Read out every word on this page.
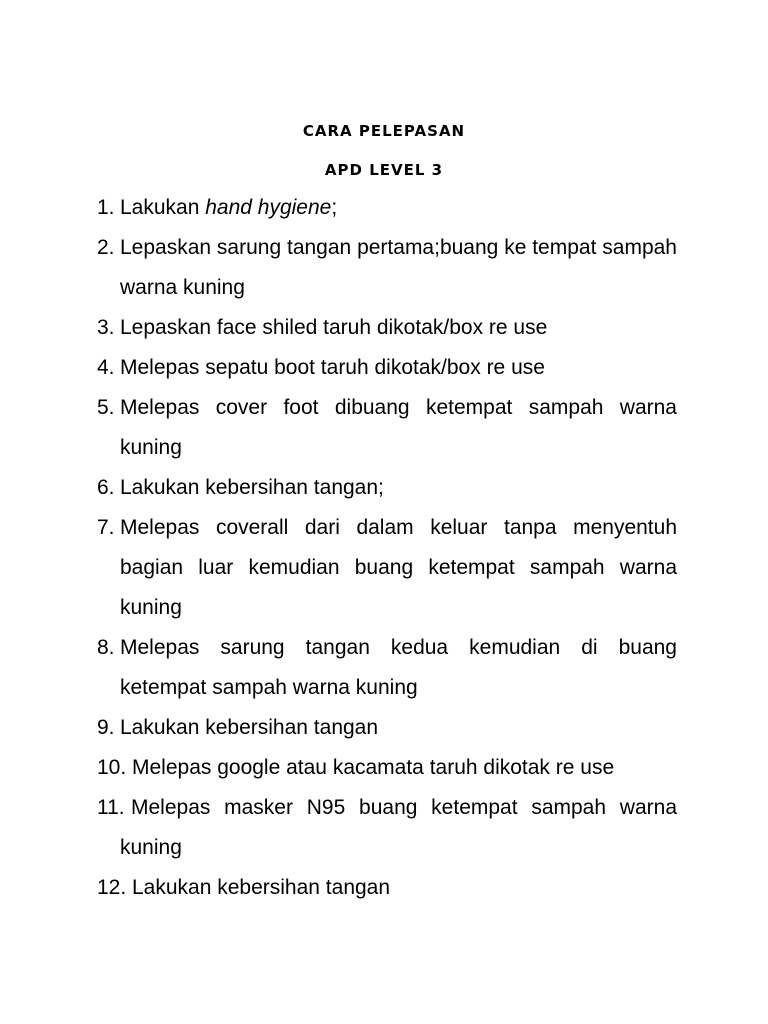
CARA PELEPASAN
APD LEVEL 3
1. Lakukan hand hygiene;
2. Lepaskan sarung tangan pertama;buang ke tempat sampah warna kuning
3. Lepaskan face shiled taruh dikotak/box re use
4. Melepas sepatu boot taruh dikotak/box re use
5. Melepas cover foot dibuang ketempat sampah warna kuning
6. Lakukan kebersihan tangan;
7. Melepas coverall dari dalam keluar tanpa menyentuh bagian luar kemudian buang ketempat sampah warna kuning
8. Melepas sarung tangan kedua kemudian di buang ketempat sampah warna kuning
9. Lakukan kebersihan tangan
10. Melepas google atau kacamata taruh dikotak re use
11. Melepas masker N95 buang ketempat sampah warna kuning
12. Lakukan kebersihan tangan
